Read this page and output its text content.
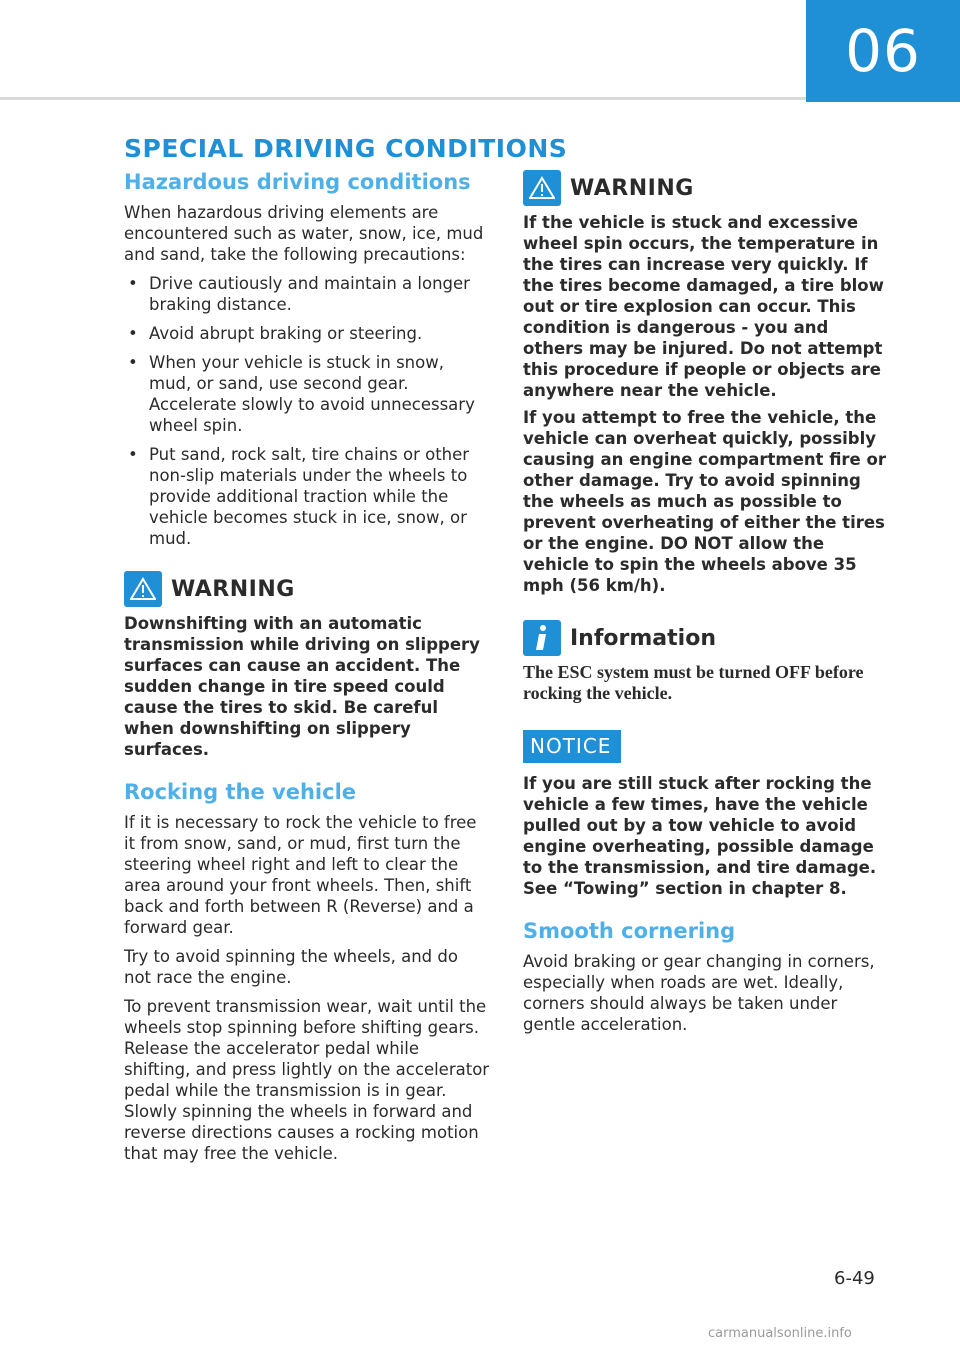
06
SPECIAL DRIVING CONDITIONS
Hazardous driving conditions

When hazardous driving elements are encountered such as water, snow, ice, mud and sand, take the following precautions:

• Drive cautiously and maintain a longer braking distance.
• Avoid abrupt braking or steering.
• When your vehicle is stuck in snow, mud, or sand, use second gear. Accelerate slowly to avoid unnecessary wheel spin.
• Put sand, rock salt, tire chains or other non-slip materials under the wheels to provide additional traction while the vehicle becomes stuck in ice, snow, or mud.
WARNING

Downshifting with an automatic transmission while driving on slippery surfaces can cause an accident. The sudden change in tire speed could cause the tires to skid. Be careful when downshifting on slippery surfaces.

Rocking the vehicle

If it is necessary to rock the vehicle to free it from snow, sand, or mud, first turn the steering wheel right and left to clear the area around your front wheels. Then, shift back and forth between R (Reverse) and a forward gear.

Try to avoid spinning the wheels, and do not race the engine.

To prevent transmission wear, wait until the wheels stop spinning before shifting gears. Release the accelerator pedal while shifting, and press lightly on the accelerator pedal while the transmission is in gear. Slowly spinning the wheels in forward and reverse directions causes a rocking motion that may free the vehicle.

WARNING

If the vehicle is stuck and excessive wheel spin occurs, the temperature in the tires can increase very quickly. If the tires become damaged, a tire blow out or tire explosion can occur. This condition is dangerous - you and others may be injured. Do not attempt this procedure if people or objects are anywhere near the vehicle.

If you attempt to free the vehicle, the vehicle can overheat quickly, possibly causing an engine compartment fire or other damage. Try to avoid spinning the wheels as much as possible to prevent overheating of either the tires or the engine. DO NOT allow the vehicle to spin the wheels above 35 mph (56 km/h).

Information

The ESC system must be turned OFF before rocking the vehicle.

NOTICE

If you are still stuck after rocking the vehicle a few times, have the vehicle pulled out by a tow vehicle to avoid engine overheating, possible damage to the transmission, and tire damage. See “Towing” section in chapter 8.

Smooth cornering

Avoid braking or gear changing in corners, especially when roads are wet. Ideally, corners should always be taken under gentle acceleration.

6-49
carmanualsonline.info
